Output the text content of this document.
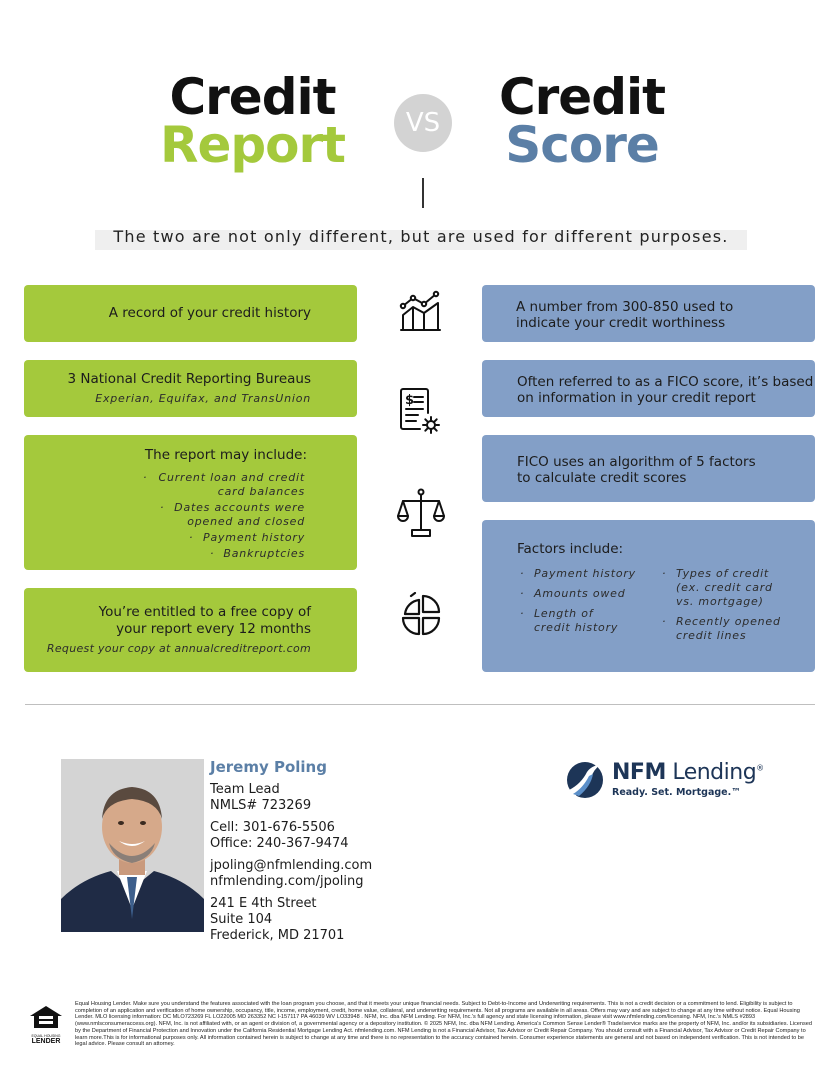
Credit
Report	VS Credit
Score
The two are not only different, but are used for different purposes.
A record of your credit history
3 National Credit Reporting Bureaus
Experian, Equifax, and TransUnion
The report may include:
·	Current loan and credit
card balances
· Dates accounts were
opened and closed
· Payment history
· Bankruptcies
You’re entitled to a free copy of
your report every 12 months
Request your copy at annualcreditreport.com
$
A number from 300-850 used to
indicate your credit worthiness
Often referred to as a FICO score, it’s based
on information in your credit report
FICO uses an algorithm of 5 factors
to calculate credit scores
Factors include:
· Payment history
· Amounts owed
· Length of
credit history
· Types of credit
(ex. credit card
vs. mortgage)
· Recently opened
credit lines
Jeremy Poling
Team Lead
NMLS# 723269
Cell: 301-676-5506
Office: 240-367-9474
jpoling@nfmlending.com
nfmlending.com/jpoling
241 E 4th Street
Suite 104
Frederick, MD 21701
NFM Lending®
Ready. Set. Mortgage.™
EQUAL HOUSING
LENDER
Equal Housing Lender. Make sure you understand the features associated with the loan program you choose, and that it meets your unique financial needs. Subject to Debt-to-Income and Underwriting requirements. This is not a credit decision or a commitment to lend. Eligibility is subject to completion of an application and verification of home ownership, occupancy, title, income, employment, credit, home value, collateral, and underwriting requirements. Not all programs are available in all areas. Offers may vary and are subject to change at any time without notice. Equal Housing Lender. MLO licensing information: DC MLO723269 FL LO22005 MD 263352 NC I-157117 PA 46039 WV LO33948 . NFM, Inc. dba NFM Lending. For NFM, Inc.'s full agency and state licensing information, please visit www.nfmlending.com/licensing. NFM, Inc.'s NMLS #2893 (www.nmlsconsumeraccess.org). NFM, Inc. is not affiliated with, or an agent or division of, a governmental agency or a depository institution. © 2025 NFM, Inc. dba NFM Lending. America's Common Sense Lender® Trade/service marks are the property of NFM, Inc. and/or its subsidiaries. Licensed by the Department of Financial Protection and Innovation under the California Residential Mortgage Lending Act. nfmlending.com. NFM Lending is not a Financial Advisor, Tax Advisor or Credit Repair Company. You should consult with a Financial Advisor, Tax Advisor or Credit Repair Company to learn more.This is for informational purposes only. All information contained herein is subject to change at any time and there is no representation to the accuracy contained herein. Consumer experience statements are general and not based on independent verification. This is not intended to be legal advice. Please consult an attorney.
